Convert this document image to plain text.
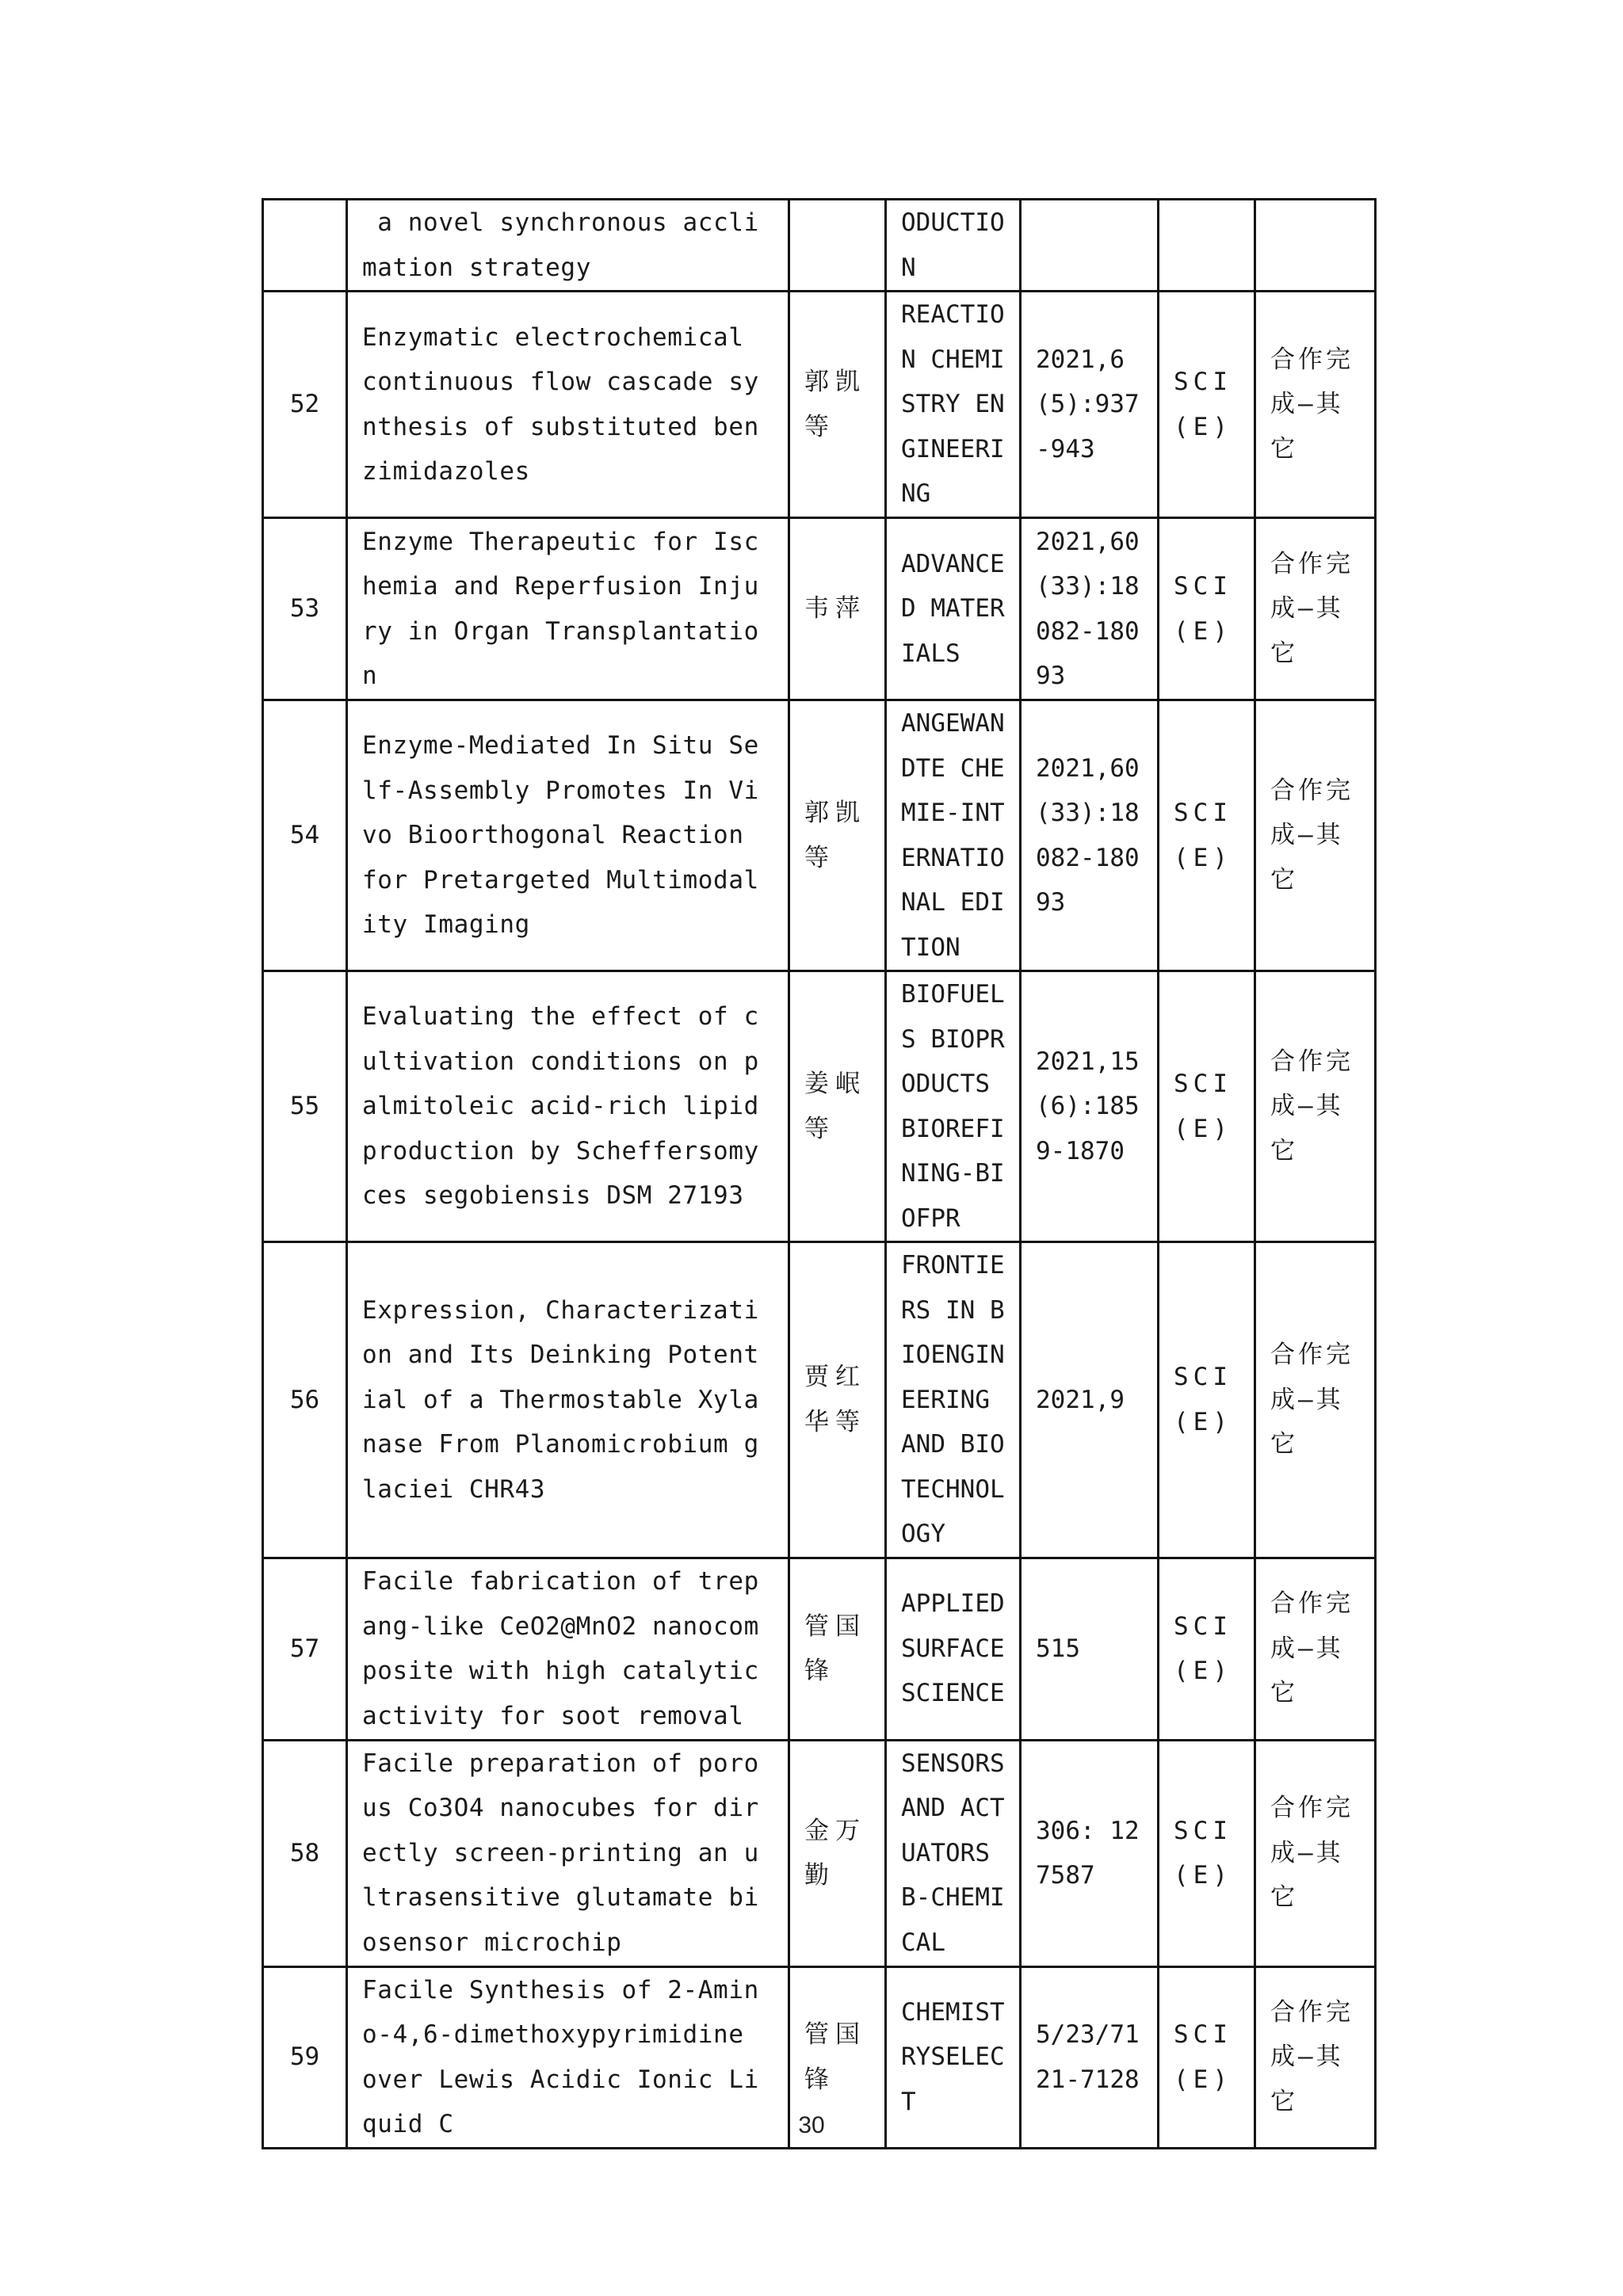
	a novel synchronous acclimation strategy		ODUCTION			

52	Enzymatic electrochemical continuous flow cascade synthesis of substituted benzimidazoles	郭凯等	REACTION CHEMISTRY ENGINEERING	2021,6(5):937-943	SCI(E)	合作完成—其它

53	Enzyme Therapeutic for Ischemia and Reperfusion Injury in Organ Transplantation	韦萍	ADVANCED MATERIALS	2021,60(33):18082-18093	SCI(E)	合作完成—其它

54	Enzyme-Mediated In Situ Self-Assembly Promotes In Vivo Bioorthogonal Reaction for Pretargeted Multimodality Imaging	郭凯等	ANGEWANDTE CHEMIE-INTERNATIONAL EDITION	2021,60(33):18082-18093	SCI(E)	合作完成—其它

55	Evaluating the effect of cultivation conditions on palmitoleic acid-rich lipid production by Scheffersomyces segobiensis DSM 27193	姜岷等	BIOFUELS BIOPRODUCTS BIOREFINING-BIOFPR	2021,15(6):1859-1870	SCI(E)	合作完成—其它

56	Expression, Characterization and Its Deinking Potential of a Thermostable Xylanase From Planomicrobium glaciei CHR43	贾红华等	FRONTIERS IN BIOENGINEERING AND BIOTECHNOLOGY	2021,9	SCI(E)	合作完成—其它

57	Facile fabrication of trepang-like CeO2@MnO2 nanocomposite with high catalytic activity for soot removal	管国锋	APPLIED SURFACE SCIENCE	515	SCI(E)	合作完成—其它

58	Facile preparation of porous Co3O4 nanocubes for directly screen-printing an ultrasensitive glutamate biosensor microchip	金万勤	SENSORS AND ACTUATORS B-CHEMICAL	306: 127587	SCI(E)	合作完成—其它

59	Facile Synthesis of 2-Amino-4,6-dimethoxypyrimidine over Lewis Acidic Ionic Liquid C	管国锋	CHEMISTRYSELECT	5/23/7121-7128	SCI(E)	合作完成—其它
30
